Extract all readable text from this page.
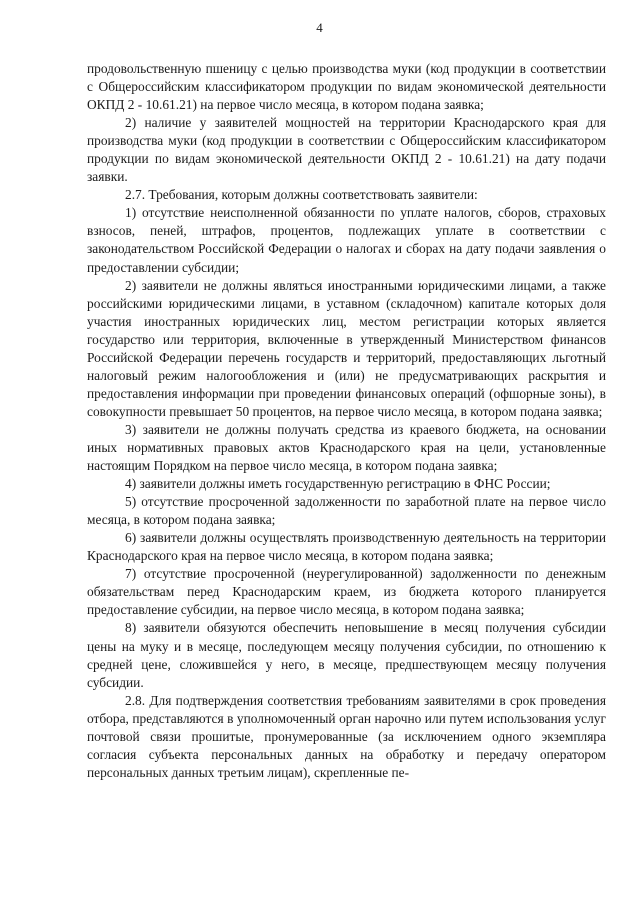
4

продовольственную пшеницу с целью производства муки (код продукции в соответствии с Общероссийским классификатором продукции по видам экономической деятельности ОКПД 2 - 10.61.21) на первое число месяца, в котором подана заявка;

2) наличие у заявителей мощностей на территории Краснодарского края для производства муки (код продукции в соответствии с Общероссийским классификатором продукции по видам экономической деятельности ОКПД 2 - 10.61.21) на дату подачи заявки.

2.7. Требования, которым должны соответствовать заявители:

1) отсутствие неисполненной обязанности по уплате налогов, сборов, страховых взносов, пеней, штрафов, процентов, подлежащих уплате в соответствии с законодательством Российской Федерации о налогах и сборах на дату подачи заявления о предоставлении субсидии;

2) заявители не должны являться иностранными юридическими лицами, а также российскими юридическими лицами, в уставном (складочном) капитале которых доля участия иностранных юридических лиц, местом регистрации которых является государство или территория, включенные в утвержденный Министерством финансов Российской Федерации перечень государств и территорий, предоставляющих льготный налоговый режим налогообложения и (или) не предусматривающих раскрытия и предоставления информации при проведении финансовых операций (офшорные зоны), в совокупности превышает 50 процентов, на первое число месяца, в котором подана заявка;

3) заявители не должны получать средства из краевого бюджета, на основании иных нормативных правовых актов Краснодарского края на цели, установленные настоящим Порядком на первое число месяца, в котором подана заявка;

4) заявители должны иметь государственную регистрацию в ФНС России;

5) отсутствие просроченной задолженности по заработной плате на первое число месяца, в котором подана заявка;

6) заявители должны осуществлять производственную деятельность на территории Краснодарского края на первое число месяца, в котором подана заявка;

7) отсутствие просроченной (неурегулированной) задолженности по денежным обязательствам перед Краснодарским краем, из бюджета которого планируется предоставление субсидии, на первое число месяца, в котором подана заявка;

8) заявители обязуются обеспечить неповышение в месяц получения субсидии цены на муку и в месяце, последующем месяцу получения субсидии, по отношению к средней цене, сложившейся у него, в месяце, предшествующем месяцу получения субсидии.

2.8. Для подтверждения соответствия требованиям заявителями в срок проведения отбора, представляются в уполномоченный орган нарочно или путем использования услуг почтовой связи прошитые, пронумерованные (за исключением одного экземпляра согласия субъекта персональных данных на обработку и передачу оператором персональных данных третьим лицам), скрепленные пе-
